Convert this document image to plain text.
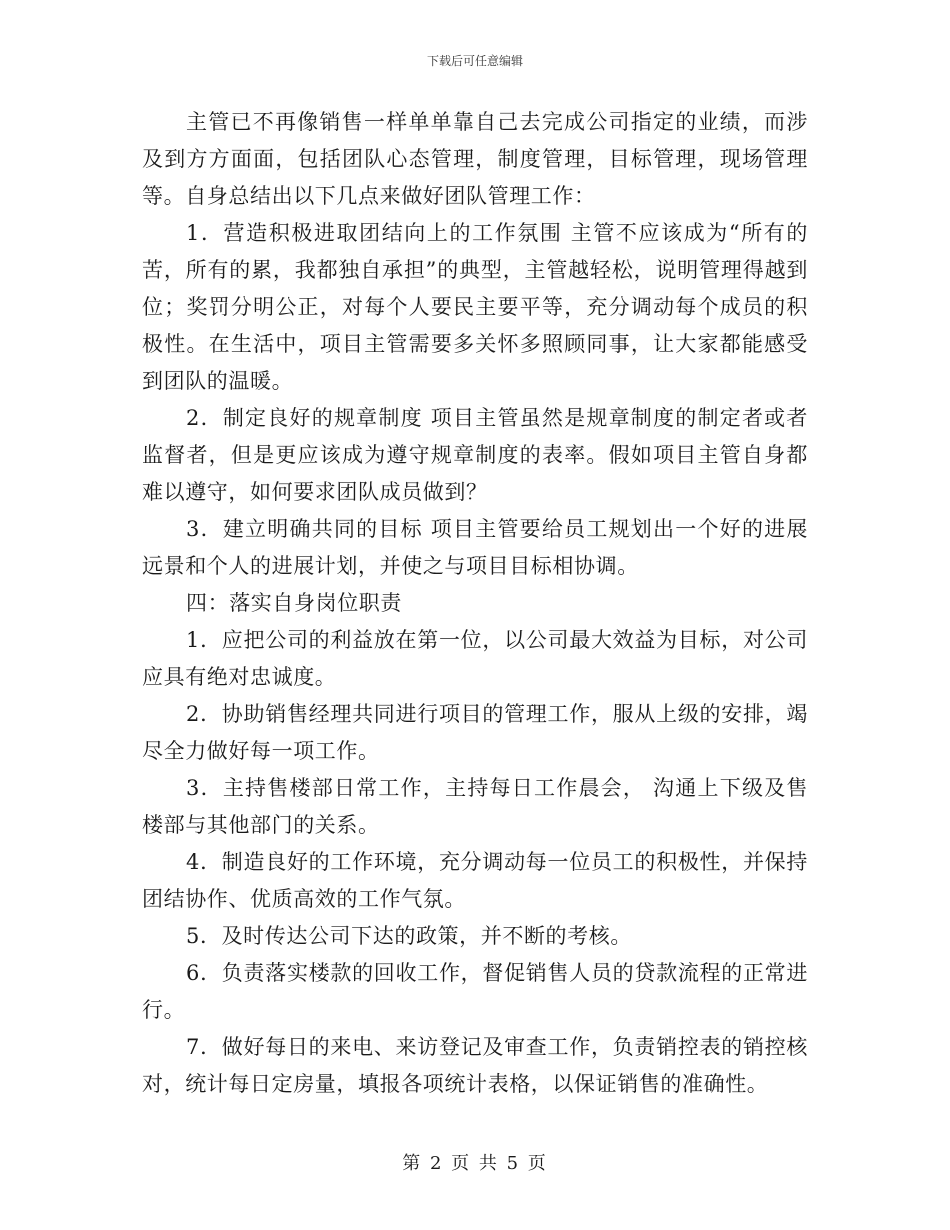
下载后可任意编辑

主管已不再像销售一样单单靠自己去完成公司指定的业绩，而涉及到方方面面，包括团队心态管理，制度管理，目标管理，现场管理等。自身总结出以下几点来做好团队管理工作：

1．营造积极进取团结向上的工作氛围 主管不应该成为“所有的苦，所有的累，我都独自承担”的典型，主管越轻松，说明管理得越到位；奖罚分明公正，对每个人要民主要平等，充分调动每个成员的积极性。在生活中，项目主管需要多关怀多照顾同事，让大家都能感受到团队的温暖。

2．制定良好的规章制度 项目主管虽然是规章制度的制定者或者监督者，但是更应该成为遵守规章制度的表率。假如项目主管自身都难以遵守，如何要求团队成员做到？

3．建立明确共同的目标 项目主管要给员工规划出一个好的进展远景和个人的进展计划，并使之与项目目标相协调。

四：落实自身岗位职责

1．应把公司的利益放在第一位，以公司最大效益为目标，对公司应具有绝对忠诚度。

2．协助销售经理共同进行项目的管理工作，服从上级的安排，竭尽全力做好每一项工作。

3．主持售楼部日常工作，主持每日工作晨会， 沟通上下级及售楼部与其他部门的关系。

4．制造良好的工作环境，充分调动每一位员工的积极性，并保持团结协作、优质高效的工作气氛。

5．及时传达公司下达的政策，并不断的考核。

6．负责落实楼款的回收工作，督促销售人员的贷款流程的正常进行。

7．做好每日的来电、来访登记及审查工作，负责销控表的销控核对，统计每日定房量，填报各项统计表格，以保证销售的准确性。

第 2 页 共 5 页
